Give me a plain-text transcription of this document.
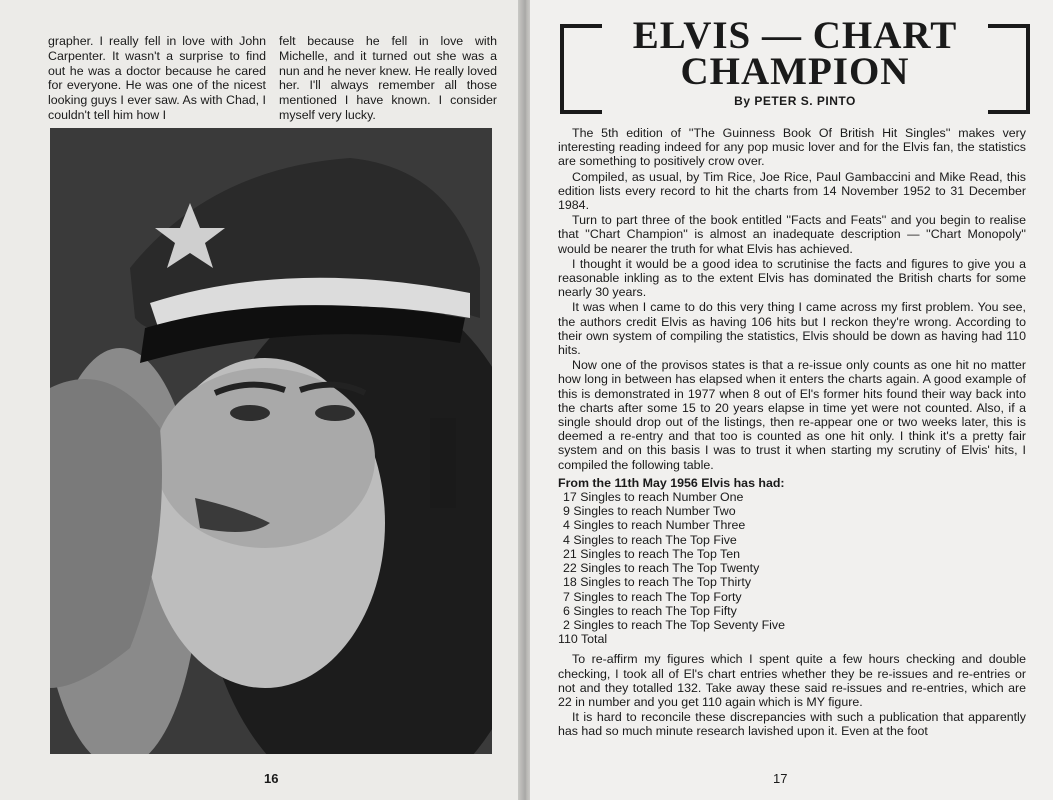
grapher. I really fell in love with John Carpenter. It wasn't a surprise to find out he was a doctor because he cared for everyone. He was one of the nicest looking guys I ever saw. As with Chad, I couldn't tell him how I

felt because he fell in love with Michelle, and it turned out she was a nun and he never knew. He really loved her. I'll always remember all those mentioned I have known. I consider myself very lucky.

16
ELVIS — CHART
CHAMPION
By PETER S. PINTO

The 5th edition of ''The Guinness Book Of British Hit Singles'' makes very interesting reading indeed for any pop music lover and for the Elvis fan, the statistics are something to positively crow over.

Compiled, as usual, by Tim Rice, Joe Rice, Paul Gambaccini and Mike Read, this edition lists every record to hit the charts from 14 November 1952 to 31 December 1984.

Turn to part three of the book entitled ''Facts and Feats'' and you begin to realise that ''Chart Champion'' is almost an inadequate description — ''Chart Monopoly'' would be nearer the truth for what Elvis has achieved.

I thought it would be a good idea to scrutinise the facts and figures to give you a reasonable inkling as to the extent Elvis has dominated the British charts for some nearly 30 years.

It was when I came to do this very thing I came across my first problem. You see, the authors credit Elvis as having 106 hits but I reckon they're wrong. According to their own system of compiling the statistics, Elvis should be down as having had 110 hits.

Now one of the provisos states is that a re-issue only counts as one hit no matter how long in between has elapsed when it enters the charts again. A good example of this is demonstrated in 1977 when 8 out of El's former hits found their way back into the charts after some 15 to 20 years elapse in time yet were not counted. Also, if a single should drop out of the listings, then re-appear one or two weeks later, this is deemed a re-entry and that too is counted as one hit only. I think it's a pretty fair system and on this basis I was to trust it when starting my scrutiny of Elvis' hits, I compiled the following table.

From the 11th May 1956 Elvis has had:
17 Singles to reach Number One
9 Singles to reach Number Two
4 Singles to reach Number Three
4 Singles to reach The Top Five
21 Singles to reach The Top Ten
22 Singles to reach The Top Twenty
18 Singles to reach The Top Thirty
7 Singles to reach The Top Forty
6 Singles to reach The Top Fifty
2 Singles to reach The Top Seventy Five
110 Total

To re-affirm my figures which I spent quite a few hours checking and double checking, I took all of El's chart entries whether they be re-issues and re-entries or not and they totalled 132. Take away these said re-issues and re-entries, which are 22 in number and you get 110 again which is MY figure.

It is hard to reconcile these discrepancies with such a publication that apparently has had so much minute research lavished upon it. Even at the foot

17
